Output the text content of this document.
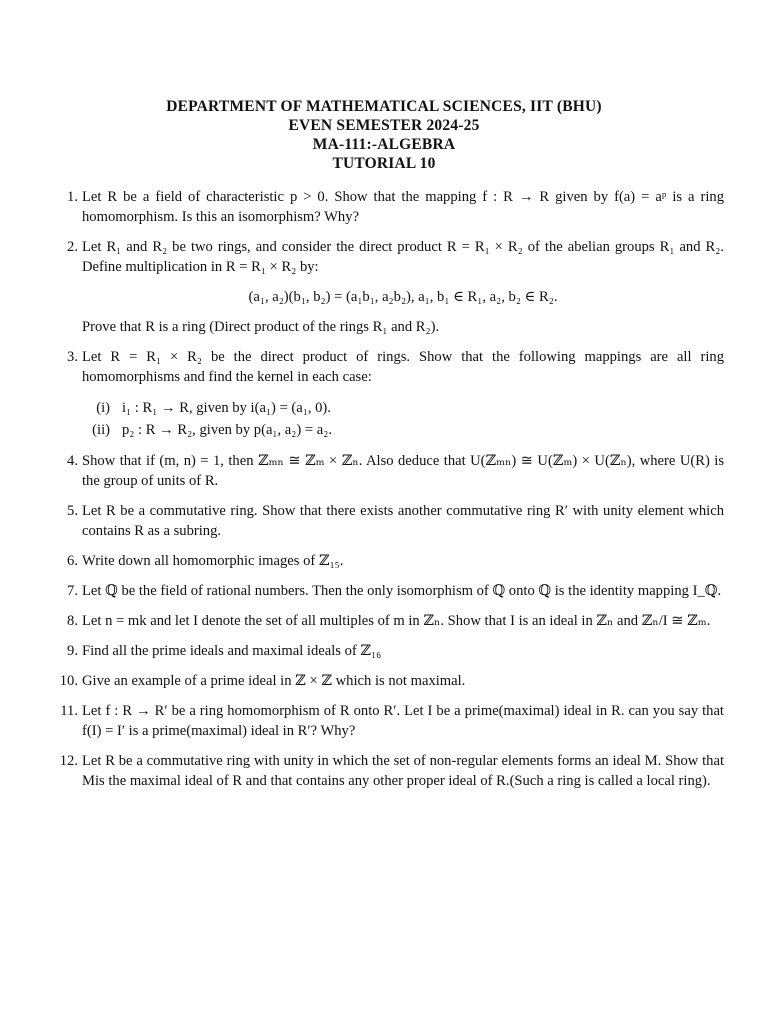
DEPARTMENT OF MATHEMATICAL SCIENCES, IIT (BHU)
EVEN SEMESTER 2024-25
MA-111:-ALGEBRA
TUTORIAL 10
1. Let R be a field of characteristic p > 0. Show that the mapping f : R → R given by f(a) = aᵖ is a ring homomorphism. Is this an isomorphism? Why?

2. Let R₁ and R₂ be two rings, and consider the direct product R = R₁ × R₂ of the abelian groups R₁ and R₂. Define multiplication in R = R₁ × R₂ by:

(a₁, a₂)(b₁, b₂) = (a₁b₁, a₂b₂), a₁, b₁ ∈ R₁, a₂, b₂ ∈ R₂.

Prove that R is a ring (Direct product of the rings R₁ and R₂).

3. Let R = R₁ × R₂ be the direct product of rings. Show that the following mappings are all ring homomorphisms and find the kernel in each case:

(i) i₁ : R₁ → R, given by i(a₁) = (a₁, 0).
(ii) p₂ : R → R₂, given by p(a₁, a₂) = a₂.
4. Show that if (m, n) = 1, then ℤₘₙ ≅ ℤₘ × ℤₙ. Also deduce that U(ℤₘₙ) ≅ U(ℤₘ) × U(ℤₙ), where U(R) is the group of units of R.

5. Let R be a commutative ring. Show that there exists another commutative ring R′ with unity element which contains R as a subring.

6. Write down all homomorphic images of ℤ₁₅.

7. Let ℚ be the field of rational numbers. Then the only isomorphism of ℚ onto ℚ is the identity mapping I_ℚ.

8. Let n = mk and let I denote the set of all multiples of m in ℤₙ. Show that I is an ideal in ℤₙ and ℤₙ/I ≅ ℤₘ.

9. Find all the prime ideals and maximal ideals of ℤ₁₆

10. Give an example of a prime ideal in ℤ × ℤ which is not maximal.

11. Let f : R → R′ be a ring homomorphism of R onto R′. Let I be a prime(maximal) ideal in R. can you say that f(I) = I′ is a prime(maximal) ideal in R′? Why?

12. Let R be a commutative ring with unity in which the set of non-regular elements forms an ideal M. Show that Mis the maximal ideal of R and that contains any other proper ideal of R.(Such a ring is called a local ring).
